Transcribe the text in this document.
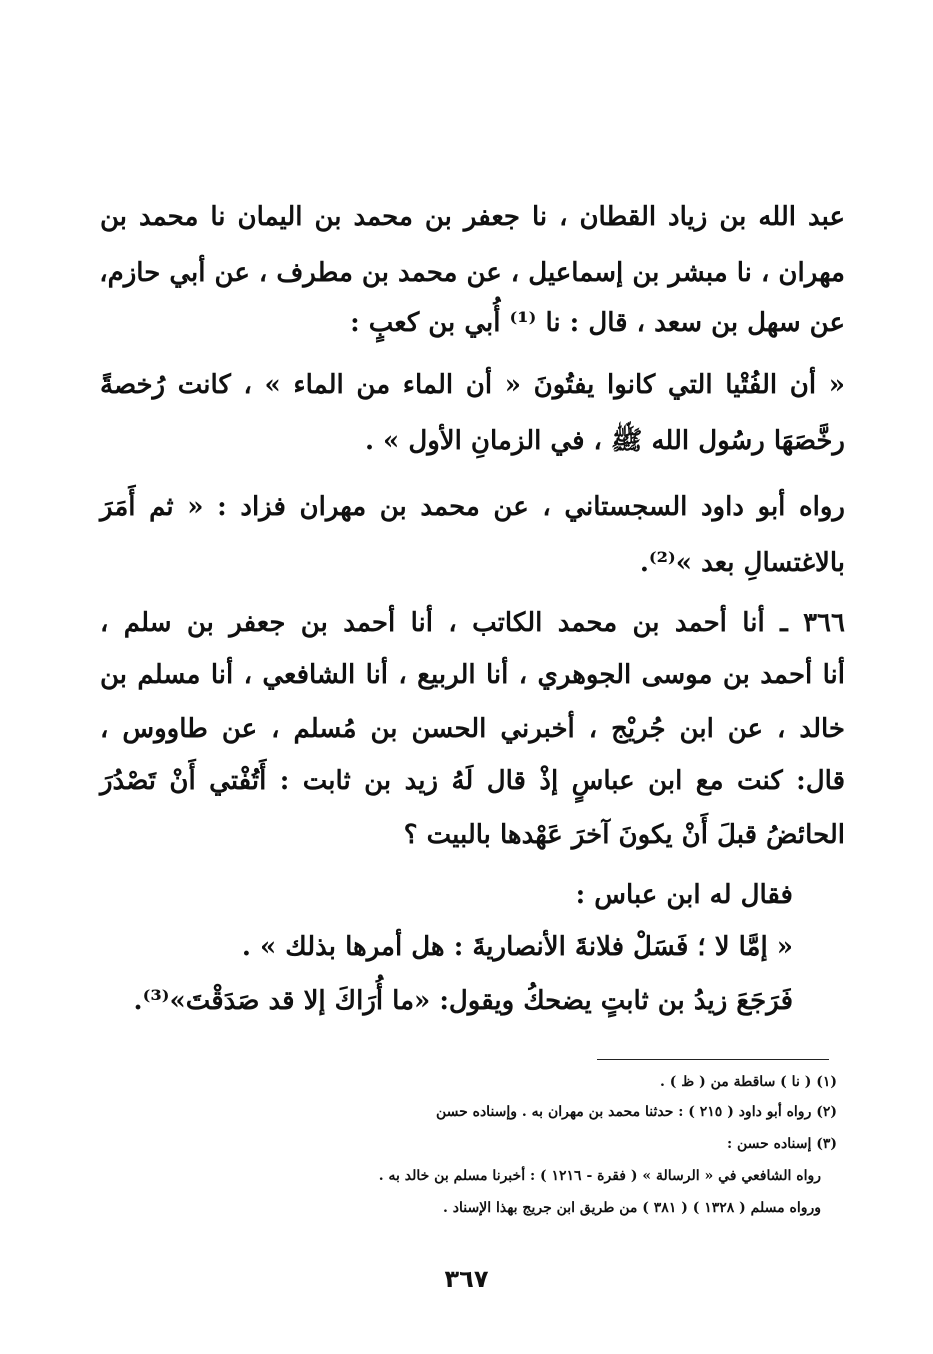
عبد الله بن زياد القطان ، نا جعفر بن محمد بن اليمان نا محمد بن
مهران ، نا مبشر بن إسماعيل ، عن محمد بن مطرف ، عن أبي حازم،
عن سهل بن سعد ، قال : نا ⁽¹⁾ أُبي بن كعبٍ :
« أن الفُتْيا التي كانوا يفتُونَ « أن الماء من الماء » ، كانت رُخصةً
رخَّصَهَا رسُول الله ﷺ ، في الزمانِ الأول » .
رواه أبو داود السجستاني ، عن محمد بن مهران فزاد : « ثم أَمَرَ
بالاغتسالِ بعد »⁽²⁾.
٣٦٦ ـ أنا أحمد بن محمد الكاتب ، أنا أحمد بن جعفر بن سلم ،
أنا أحمد بن موسى الجوهري ، أنا الربيع ، أنا الشافعي ، أنا مسلم بن
خالد ، عن ابن جُريْج ، أخبرني الحسن بن مُسلم ، عن طاووس ،
قال: كنت مع ابن عباسٍ إذْ قال لَهُ زيد بن ثابت : أَتُفْتي أَنْ تَصْدُرَ
الحائضُ قبلَ أَنْ يكونَ آخرَ عَهْدها بالبيت ؟
فقال له ابن عباس :
« إمَّا لا ؛ فَسَلْ فلانةَ الأنصاريةَ : هل أمرها بذلك » .
فَرَجَعَ زيدُ بن ثابتٍ يضحكُ ويقول: «ما أُرَاكَ إلا قد صَدَقْتَ»⁽³⁾.
(١) ( نا ) ساقطة من ( ظ ) .
(٢) رواه أبو داود ( ٢١٥ ) : حدثنا محمد بن مهران به . وإسناده حسن
(٣) إسناده حسن :
رواه الشافعي في « الرسالة » ( فقرة - ١٢١٦ ) : أخبرنا مسلم بن خالد به .
ورواه مسلم ( ١٣٢٨ ) ( ٣٨١ ) من طريق ابن جريج بهذا الإسناد .
٣٦٧
